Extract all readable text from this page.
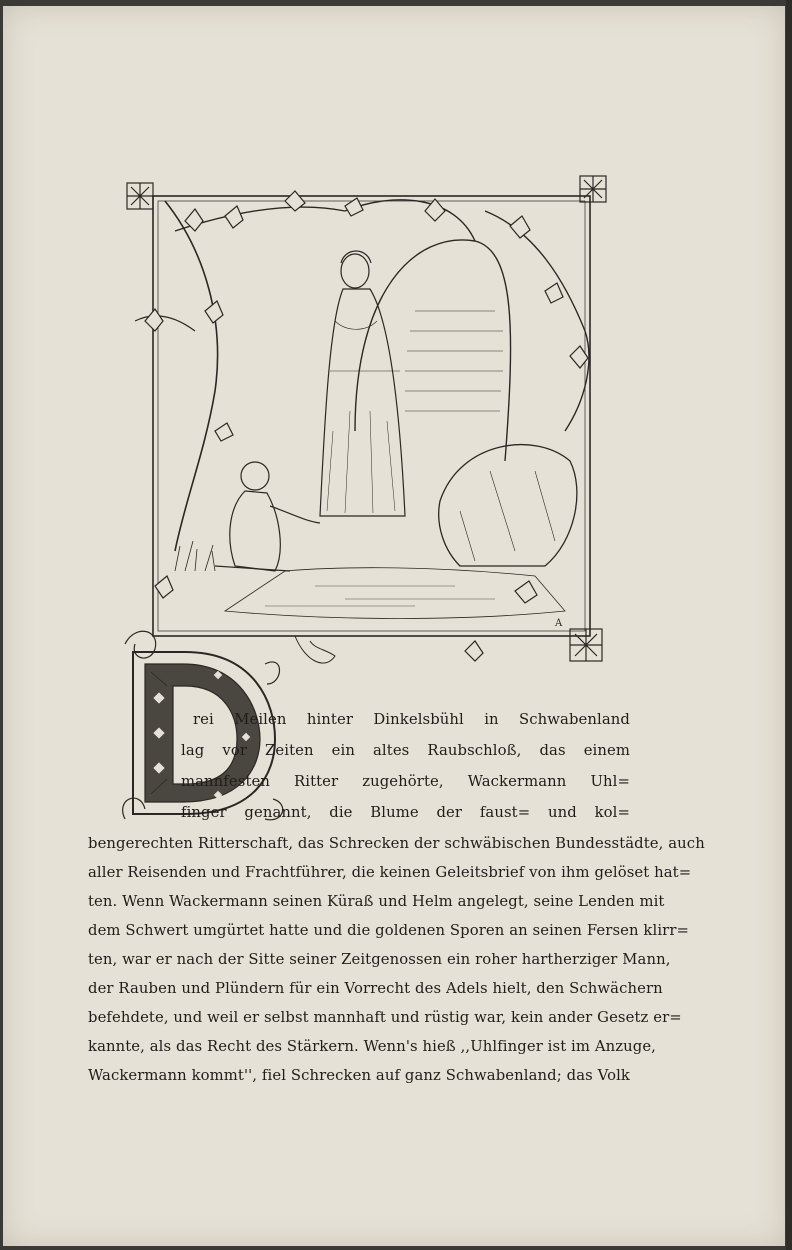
A

rei Meilen hinter Dinkelsbühl in Schwabenland

lag vor Zeiten ein altes Raubschloß, das einem

mannfesten Ritter zugehörte, Wackermann Uhl=

finger genannt, die Blume der faust= und kol=

bengerechten Ritterschaft, das Schrecken der schwäbischen Bundesstädte, auch

aller Reisenden und Frachtführer, die keinen Geleitsbrief von ihm gelöset hat=

ten. Wenn Wackermann seinen Küraß und Helm angelegt, seine Lenden mit

dem Schwert umgürtet hatte und die goldenen Sporen an seinen Fersen klirr=

ten, war er nach der Sitte seiner Zeitgenossen ein roher hartherziger Mann,

der Rauben und Plündern für ein Vorrecht des Adels hielt, den Schwächern

befehdete, und weil er selbst mannhaft und rüstig war, kein ander Gesetz er=

kannte, als das Recht des Stärkern. Wenn's hieß ,,Uhlfinger ist im Anzuge,

Wackermann kommt'', fiel Schrecken auf ganz Schwabenland; das Volk
